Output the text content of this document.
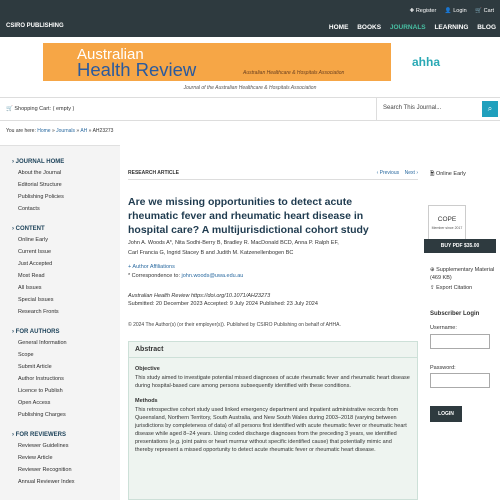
CSIRO PUBLISHING
✚ Register 👤 Login 🛒 Cart
HOME BOOKS JOURNALS LEARNING BLOG
Australian
Health Review	Australian Healthcare & Hospitals Association
ahha
Journal of the Australian Healthcare & Hospitals Association
🛒 Shopping Cart: ( empty )	Search This Journal...	⌕
You are here: Home » Journals » AH » AH23273
› JOURNAL HOME
About the Journal
Editorial Structure
Publishing Policies
Contacts
› CONTENT
Online Early
Current Issue
Just Accepted
Most Read
All Issues
Special Issues
Research Fronts
› FOR AUTHORS
General Information
Scope
Submit Article
Author Instructions
Licence to Publish
Open Access
Publishing Charges
› FOR REVIEWERS
Reviewer Guidelines
Review Article
Reviewer Recognition
Annual Reviewer Index
RESEARCH ARTICLE	‹ Previous Next ›
Are we missing opportunities to detect acute rheumatic fever and rheumatic heart disease in hospital care? A multijurisdictional cohort study
John A. Woods A*, Nita Sodhi-Berry B, Bradley R. MacDonald BCD, Anna P. Ralph EF,
Carl Francia G, Ingrid Stacey B and Judith M. Katzenellenbogen BC
+ Author Affiliations
* Correspondence to: john.woods@uwa.edu.au
Australian Health Review https://doi.org/10.1071/AH23273
Submitted: 20 December 2023 Accepted: 9 July 2024 Published: 23 July 2024
© 2024 The Author(s) (or their employer(s)). Published by CSIRO Publishing on behalf of AHHA.
Abstract
Objective
This study aimed to investigate potential missed diagnoses of acute rheumatic fever and rheumatic heart disease during hospital-based care among persons subsequently identified with these conditions.
Methods
This retrospective cohort study used linked emergency department and inpatient administrative records from Queensland, Northern Territory, South Australia, and New South Wales during 2003–2018 (varying between jurisdictions by completeness of data) of all persons first identified with acute rheumatic fever or rheumatic heart disease while aged 8–24 years. Using coded discharge diagnoses from the preceding 3 years, we identified presentations (e.g. joint pains or heart murmur without specific identified cause) that potentially mimic and thereby represent a missed opportunity to detect acute rheumatic fever or rheumatic heart disease.
🗎 Online Early
COPE
Member since 2017
BUY PDF $35.00
⊕ Supplementary Material
(469 KB)
⇪ Export Citation
Subscriber Login
Username:
Password:
LOGIN
